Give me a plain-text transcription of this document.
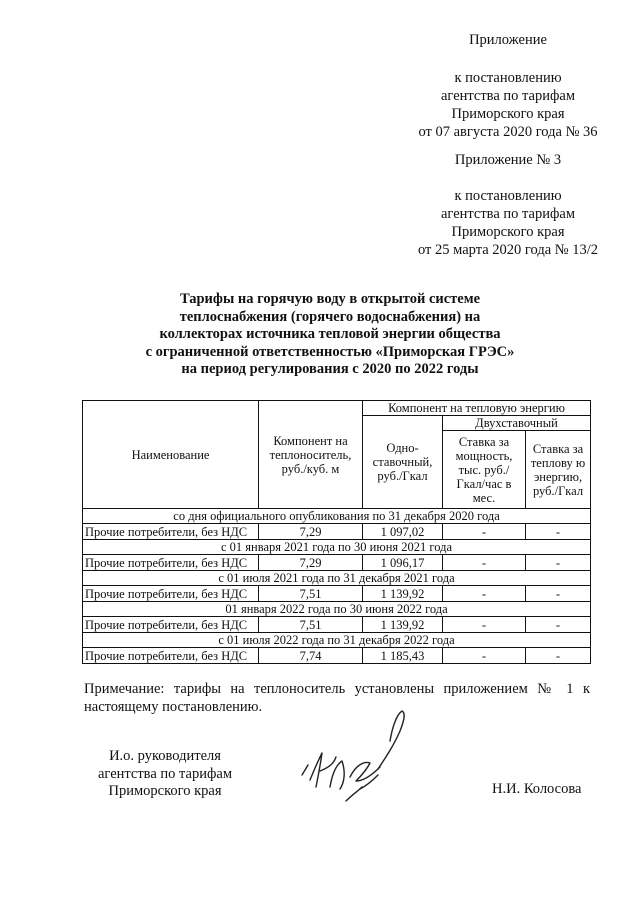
Приложение
к постановлению
агентства по тарифам
Приморского края
от 07 августа 2020 года № 36
Приложение № 3
к постановлению
агентства по тарифам
Приморского края
от 25 марта 2020 года № 13/2
Тарифы на горячую воду в открытой системе
теплоснабжения (горячего водоснабжения) на
коллекторах источника тепловой энергии общества
с ограниченной ответственностью «Приморская ГРЭС»
на период регулирования с 2020 по 2022 годы
Наименование	Компонент на теплоноситель, руб./куб. м	Компонент на тепловую энергию		
		Одно-ставочный, руб./Гкал	Двухставочный	
			Ставка за мощность, тыс. руб./Гкал/час в мес.	Ставка за теплову ю энергию, руб./Гкал
со дня официального опубликования по 31 декабря 2020 года				
Прочие потребители, без НДС	7,29	1 097,02	-	-
с 01 января 2021 года по 30 июня 2021 года				
Прочие потребители, без НДС	7,29	1 096,17	-	-
с 01 июля 2021 года по 31 декабря 2021 года				
Прочие потребители, без НДС	7,51	1 139,92	-	-
01 января 2022 года по 30 июня 2022 года				
Прочие потребители, без НДС	7,51	1 139,92	-	-
с 01 июля 2022 года по 31 декабря 2022 года				
Прочие потребители, без НДС	7,74	1 185,43	-	-
Примечание: тарифы на теплоноситель установлены приложением № 1 к настоящему постановлению.
И.о. руководителя
агентства по тарифам
Приморского края	Н.И. Колосова
